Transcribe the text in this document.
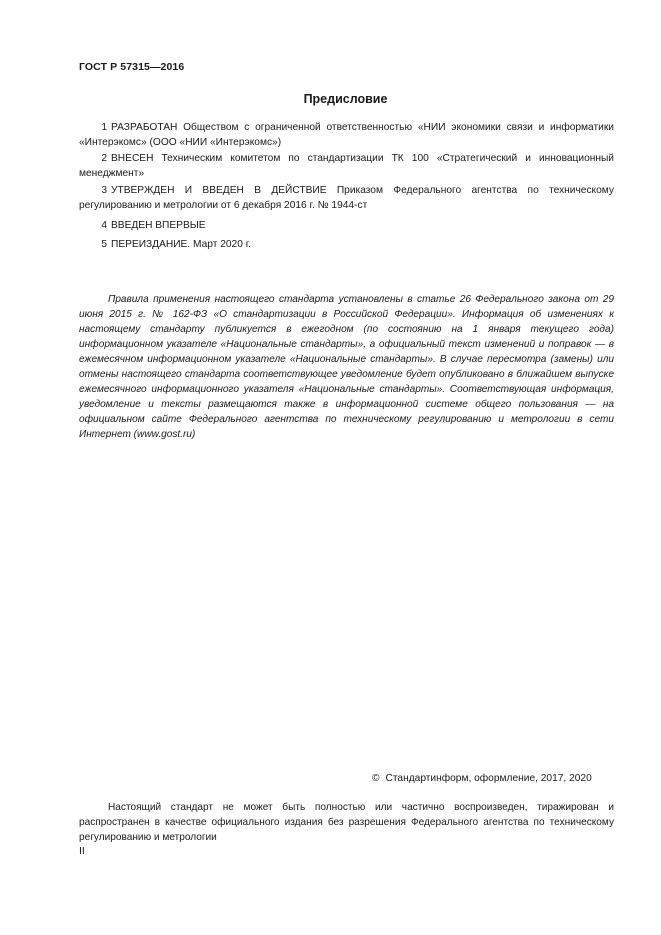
ГОСТ Р 57315—2016
Предисловие
1 РАЗРАБОТАН Обществом с ограниченной ответственностью «НИИ экономики связи и информатики «Интерэкомс» (ООО «НИИ «Интерэкомс»)
2 ВНЕСЕН Техническим комитетом по стандартизации ТК 100 «Стратегический и инновационный менеджмент»
3 УТВЕРЖДЕН И ВВЕДЕН В ДЕЙСТВИЕ Приказом Федерального агентства по техническому регулированию и метрологии от 6 декабря 2016 г. № 1944-ст
4 ВВЕДЕН ВПЕРВЫЕ
5 ПЕРЕИЗДАНИЕ. Март 2020 г.
Правила применения настоящего стандарта установлены в статье 26 Федерального закона от 29 июня 2015 г. № 162-ФЗ «О стандартизации в Российской Федерации». Информация об изменениях к настоящему стандарту публикуется в ежегодном (по состоянию на 1 января текущего года) информационном указателе «Национальные стандарты», а официальный текст изменений и поправок — в ежемесячном информационном указателе «Национальные стандарты». В случае пересмотра (замены) или отмены настоящего стандарта соответствующее уведомление будет опубликовано в ближайшем выпуске ежемесячного информационного указателя «Национальные стандарты». Соответствующая информация, уведомление и тексты размещаются также в информационной системе общего пользования — на официальном сайте Федерального агентства по техническому регулированию и метрологии в сети Интернет (www.gost.ru)
© Стандартинформ, оформление, 2017, 2020
Настоящий стандарт не может быть полностью или частично воспроизведен, тиражирован и распространен в качестве официального издания без разрешения Федерального агентства по техническому регулированию и метрологии
II
